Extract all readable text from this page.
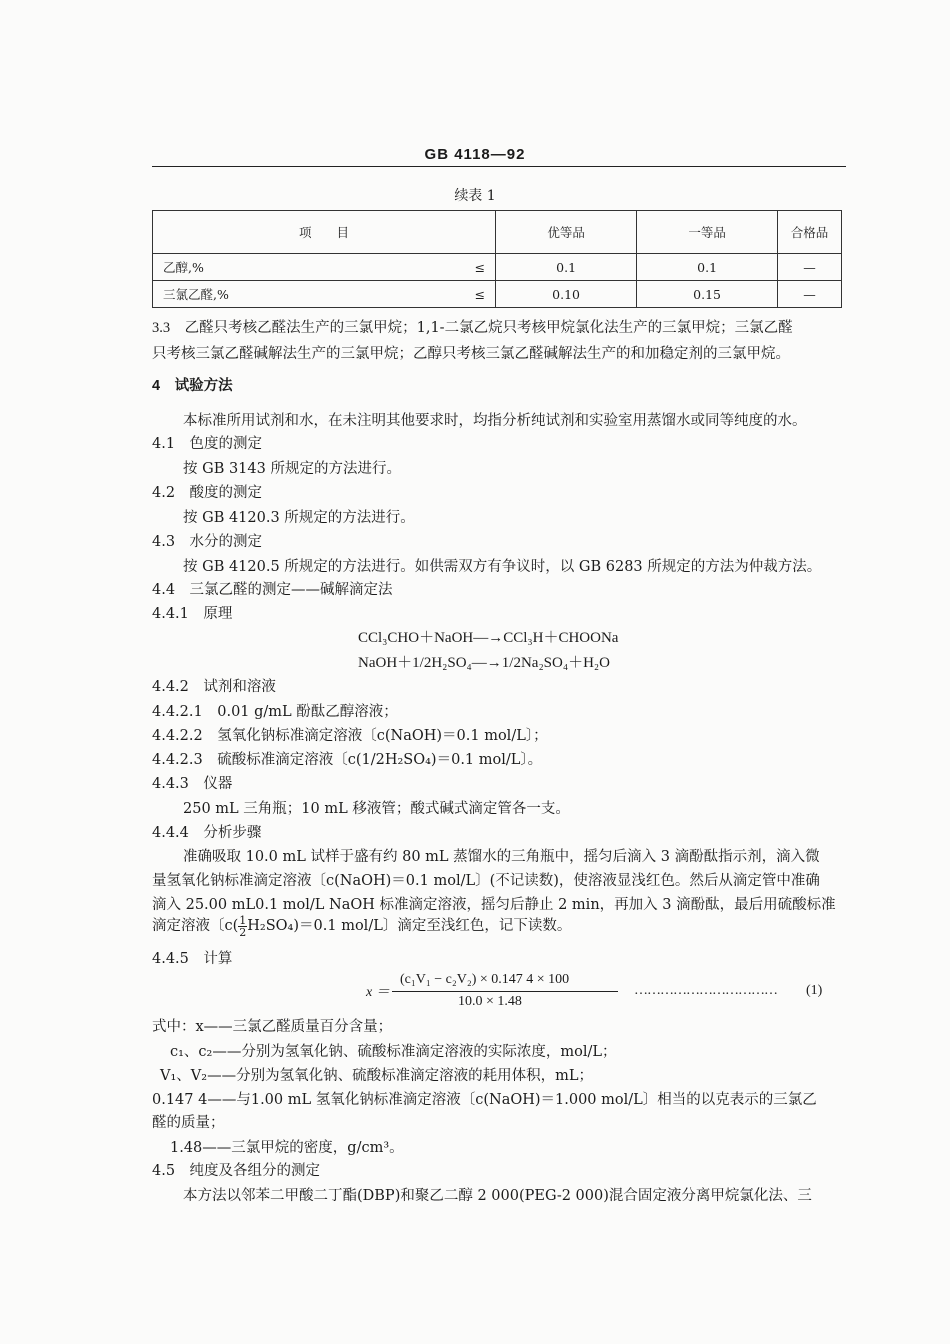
GB 4118—92
续表 1
项　　目		优等品	一等品	合格品
乙醇,%	≤	0.1	0.1	—
三氯乙醛,%	≤	0.10	0.15	—
3.3　 乙醛只考核乙醛法生产的三氯甲烷；1,1-二氯乙烷只考核甲烷氯化法生产的三氯甲烷；三氯乙醛
只考核三氯乙醛碱解法生产的三氯甲烷；乙醇只考核三氯乙醛碱解法生产的和加稳定剂的三氯甲烷。
4　试验方法
本标准所用试剂和水，在未注明其他要求时，均指分析纯试剂和实验室用蒸馏水或同等纯度的水。
4.1　色度的测定
按 GB 3143 所规定的方法进行。
4.2　酸度的测定
按 GB 4120.3 所规定的方法进行。
4.3　水分的测定
按 GB 4120.5 所规定的方法进行。如供需双方有争议时，以 GB 6283 所规定的方法为仲裁方法。
4.4　三氯乙醛的测定——碱解滴定法
4.4.1　原理
CCl₃CHO＋NaOH—→CCl₃H＋CHOONa
NaOH＋1/2H₂SO₄—→1/2Na₂SO₄＋H₂O
4.4.2　试剂和溶液
4.4.2.1　0.01 g/mL 酚酞乙醇溶液；
4.4.2.2　氢氧化钠标准滴定溶液〔c(NaOH)＝0.1 mol/L〕；
4.4.2.3　硫酸标准滴定溶液〔c(1/2H₂SO₄)＝0.1 mol/L〕。
4.4.3　仪器
250 mL 三角瓶；10 mL 移液管；酸式碱式滴定管各一支。
4.4.4　分析步骤
准确吸取 10.0 mL 试样于盛有约 80 mL 蒸馏水的三角瓶中，摇匀后滴入 3 滴酚酞指示剂，滴入微
量氢氧化钠标准滴定溶液〔c(NaOH)＝0.1 mol/L〕(不记读数)，使溶液显浅红色。然后从滴定管中准确
滴入 25.00 mL0.1 mol/L NaOH 标准滴定溶液，摇匀后静止 2 min，再加入 3 滴酚酞，最后用硫酸标准
滴定溶液〔$c( \frac{1}{2} H_2SO_4)=0.1$ mol/L〕滴定至浅红色，记下读数。
4.4.5　计算
x ＝
(c₁V₁ − c₂V₂) × 0.147 4 × 100
10.0 × 1.48
…………………………… (1)
式中：x——三氯乙醛质量百分含量；
c₁、c₂——分别为氢氧化钠、硫酸标准滴定溶液的实际浓度，mol/L；
V₁、V₂——分别为氢氧化钠、硫酸标准滴定溶液的耗用体积，mL；
0.147 4——与1.00 mL 氢氧化钠标准滴定溶液〔c(NaOH)＝1.000 mol/L〕相当的以克表示的三氯乙
醛的质量；
1.48——三氯甲烷的密度，g/cm³。
4.5　纯度及各组分的测定
本方法以邻苯二甲酸二丁酯(DBP)和聚乙二醇 2 000(PEG-2 000)混合固定液分离甲烷氯化法、三
